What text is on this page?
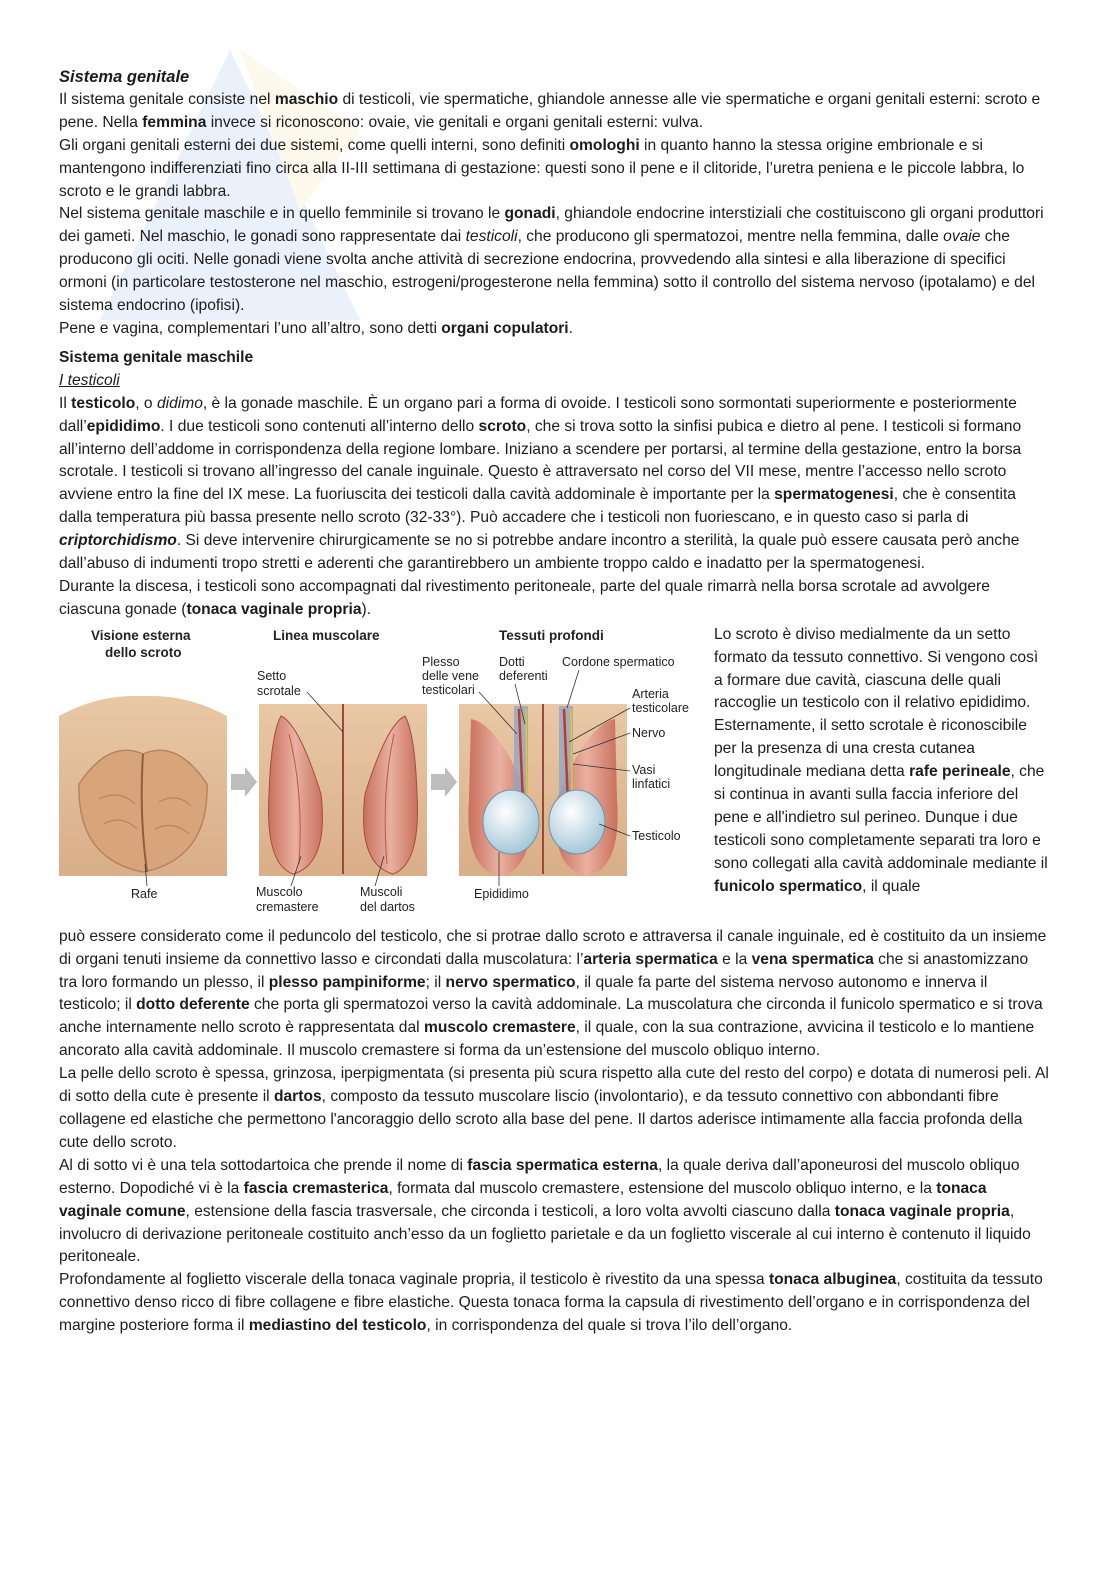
Sistema genitale

Il sistema genitale consiste nel maschio di testicoli, vie spermatiche, ghiandole annesse alle vie spermatiche e organi genitali esterni: scroto e pene. Nella femmina invece si riconoscono: ovaie, vie genitali e organi genitali esterni: vulva.

Gli organi genitali esterni dei due sistemi, come quelli interni, sono definiti omologhi in quanto hanno la stessa origine embrionale e si mantengono indifferenziati fino circa alla II-III settimana di gestazione: questi sono il pene e il clitoride, l’uretra peniena e le piccole labbra, lo scroto e le grandi labbra.

Nel sistema genitale maschile e in quello femminile si trovano le gonadi, ghiandole endocrine interstiziali che costituiscono gli organi produttori dei gameti. Nel maschio, le gonadi sono rappresentate dai testicoli, che producono gli spermatozoi, mentre nella femmina, dalle ovaie che producono gli ociti. Nelle gonadi viene svolta anche attività di secrezione endocrina, provvedendo alla sintesi e alla liberazione di specifici ormoni (in particolare testosterone nel maschio, estrogeni/progesterone nella femmina) sotto il controllo del sistema nervoso (ipotalamo) e del sistema endocrino (ipofisi).

Pene e vagina, complementari l’uno all’altro, sono detti organi copulatori.

Sistema genitale maschile

I testicoli

Il testicolo, o didimo, è la gonade maschile. È un organo pari a forma di ovoide. I testicoli sono sormontati superiormente e posteriormente dall’epididimo. I due testicoli sono contenuti all’interno dello scroto, che si trova sotto la sinfisi pubica e dietro al pene. I testicoli si formano all’interno dell’addome in corrispondenza della regione lombare. Iniziano a scendere per portarsi, al termine della gestazione, entro la borsa scrotale. I testicoli si trovano all’ingresso del canale inguinale. Questo è attraversato nel corso del VII mese, mentre l’accesso nello scroto avviene entro la fine del IX mese. La fuoriuscita dei testicoli dalla cavità addominale è importante per la spermatogenesi, che è consentita dalla temperatura più bassa presente nello scroto (32-33°). Può accadere che i testicoli non fuoriescano, e in questo caso si parla di criptorchidismo. Si deve intervenire chirurgicamente se no si potrebbe andare incontro a sterilità, la quale può essere causata però anche dall’abuso di indumenti tropo stretti e aderenti che garantirebbero un ambiente troppo caldo e inadatto per la spermatogenesi.

Durante la discesa, i testicoli sono accompagnati dal rivestimento peritoneale, parte del quale rimarrà nella borsa scrotale ad avvolgere ciascuna gonade (tonaca vaginale propria).

Visione esterna
dello scroto
Linea muscolare	Tessuti profondi
Setto
scrotale
Plesso
delle vene
testicolari
Dotti
deferenti
Cordone spermatico
Arteria
testicolare
Nervo
Vasi
linfatici
Testicolo
Rafe	Muscolo
cremastere
Muscoli
del dartos
Epididimo

Lo scroto è diviso medialmente da un setto formato da tessuto connettivo. Si vengono così a formare due cavità, ciascuna delle quali raccoglie un testicolo con il relativo epididimo. Esternamente, il setto scrotale è riconoscibile per la presenza di una cresta cutanea longitudinale mediana detta rafe perineale, che si continua in avanti sulla faccia inferiore del pene e all'indietro sul perineo. Dunque i due testicoli sono completamente separati tra loro e sono collegati alla cavità addominale mediante il funicolo spermatico, il quale

può essere considerato come il peduncolo del testicolo, che si protrae dallo scroto e attraversa il canale inguinale, ed è costituito da un insieme di organi tenuti insieme da connettivo lasso e circondati dalla muscolatura: l’arteria spermatica e la vena spermatica che si anastomizzano tra loro formando un plesso, il plesso pampiniforme; il nervo spermatico, il quale fa parte del sistema nervoso autonomo e innerva il testicolo; il dotto deferente che porta gli spermatozoi verso la cavità addominale. La muscolatura che circonda il funicolo spermatico e si trova anche internamente nello scroto è rappresentata dal muscolo cremastere, il quale, con la sua contrazione, avvicina il testicolo e lo mantiene ancorato alla cavità addominale. Il muscolo cremastere si forma da un’estensione del muscolo obliquo interno.

La pelle dello scroto è spessa, grinzosa, iperpigmentata (si presenta più scura rispetto alla cute del resto del corpo) e dotata di numerosi peli. Al di sotto della cute è presente il dartos, composto da tessuto muscolare liscio (involontario), e da tessuto connettivo con abbondanti fibre collagene ed elastiche che permettono l'ancoraggio dello scroto alla base del pene. Il dartos aderisce intimamente alla faccia profonda della cute dello scroto.

Al di sotto vi è una tela sottodartoica che prende il nome di fascia spermatica esterna, la quale deriva dall’aponeurosi del muscolo obliquo esterno. Dopodiché vi è la fascia cremasterica, formata dal muscolo cremastere, estensione del muscolo obliquo interno, e la tonaca vaginale comune, estensione della fascia trasversale, che circonda i testicoli, a loro volta avvolti ciascuno dalla tonaca vaginale propria, involucro di derivazione peritoneale costituito anch’esso da un foglietto parietale e da un foglietto viscerale al cui interno è contenuto il liquido peritoneale.

Profondamente al foglietto viscerale della tonaca vaginale propria, il testicolo è rivestito da una spessa tonaca albuginea, costituita da tessuto connettivo denso ricco di fibre collagene e fibre elastiche. Questa tonaca forma la capsula di rivestimento dell’organo e in corrispondenza del margine posteriore forma il mediastino del testicolo, in corrispondenza del quale si trova l’ilo dell’organo.
